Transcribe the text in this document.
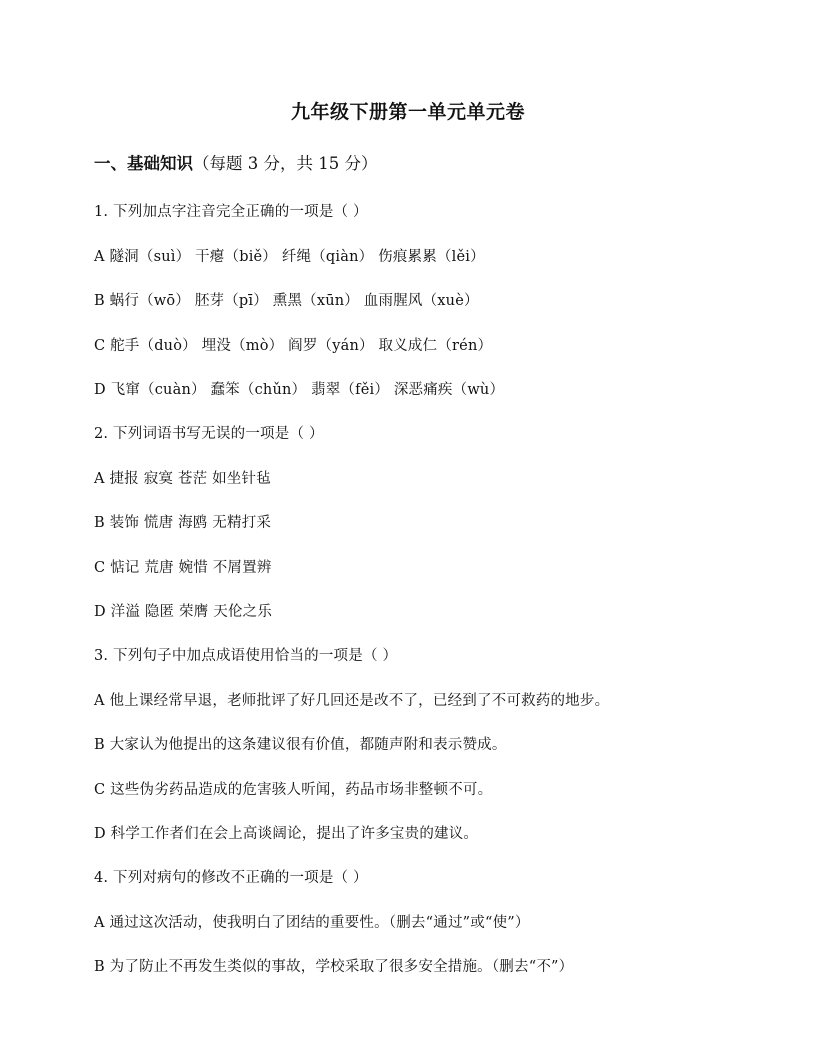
九年级下册第一单元单元卷
一、基础知识（每题 3 分，共 15 分）
1. 下列加点字注音完全正确的一项是（ ）
A 隧洞（suì） 干瘪（biě） 纤绳（qiàn） 伤痕累累（lěi）
B 蜗行（wō） 胚芽（pī） 熏黑（xūn） 血雨腥风（xuè）
C 舵手（duò） 埋没（mò） 阎罗（yán） 取义成仁（rén）
D 飞窜（cuàn） 蠢笨（chǔn） 翡翠（fěi） 深恶痛疾（wù）
2. 下列词语书写无误的一项是（ ）
A 捷报 寂寞 苍茫 如坐针毡
B 装饰 慌唐 海鸥 无精打采
C 惦记 荒唐 婉惜 不屑置辨
D 洋溢 隐匿 荣膺 天伦之乐
3. 下列句子中加点成语使用恰当的一项是（ ）
A 他上课经常早退，老师批评了好几回还是改不了，已经到了不可救药的地步。
B 大家认为他提出的这条建议很有价值，都随声附和表示赞成。
C 这些伪劣药品造成的危害骇人听闻，药品市场非整顿不可。
D 科学工作者们在会上高谈阔论，提出了许多宝贵的建议。
4. 下列对病句的修改不正确的一项是（ ）
A 通过这次活动，使我明白了团结的重要性。（删去“通过”或“使”）
B 为了防止不再发生类似的事故，学校采取了很多安全措施。（删去“不”）
